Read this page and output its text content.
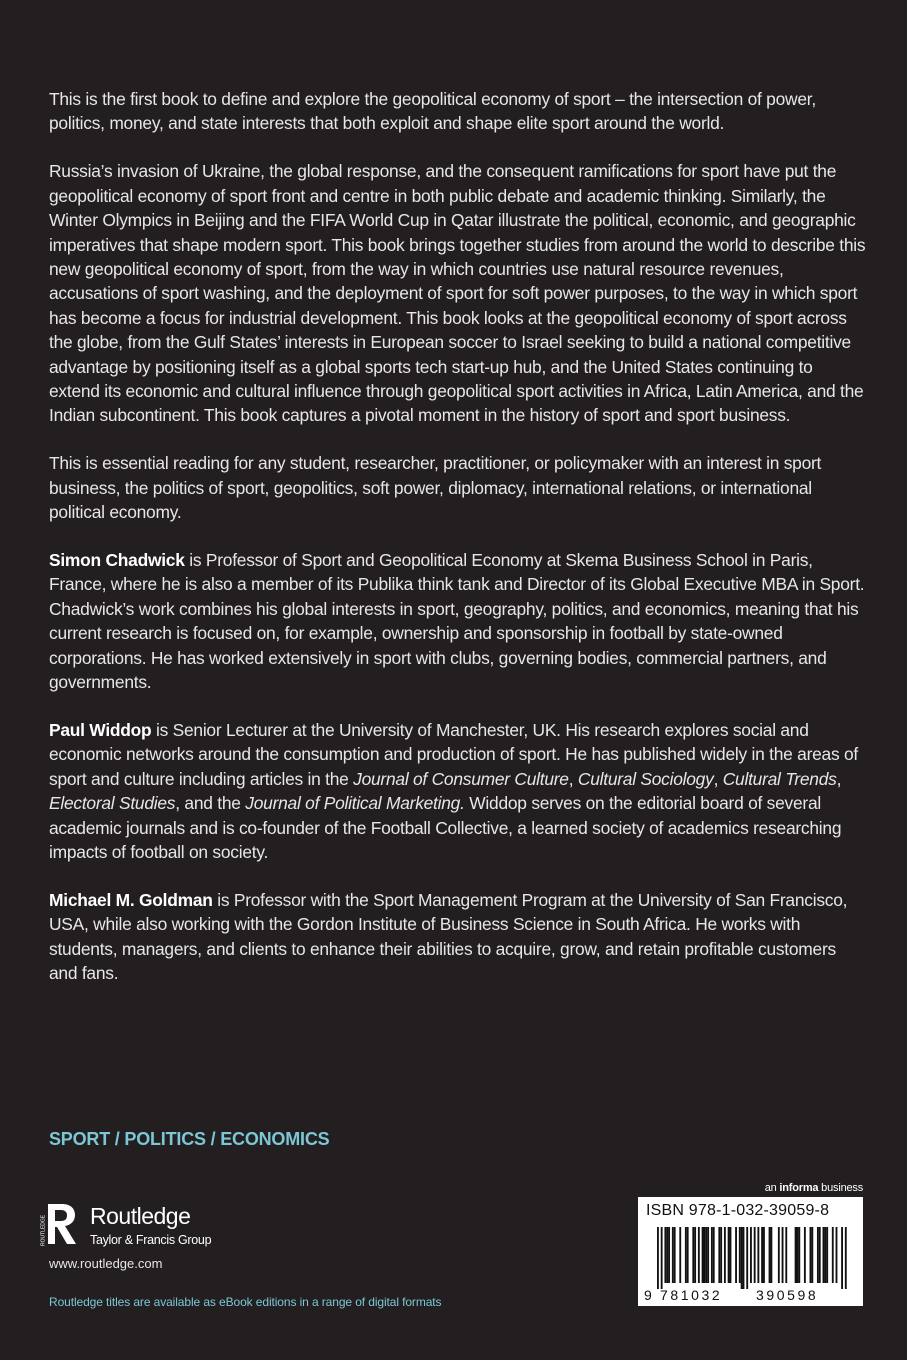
This is the first book to define and explore the geopolitical economy of sport – the intersection of power, politics, money, and state interests that both exploit and shape elite sport around the world.

Russia’s invasion of Ukraine, the global response, and the consequent ramifications for sport have put the geopolitical economy of sport front and centre in both public debate and academic thinking. Similarly, the Winter Olympics in Beijing and the FIFA World Cup in Qatar illustrate the political, economic, and geographic imperatives that shape modern sport. This book brings together studies from around the world to describe this new geopolitical economy of sport, from the way in which countries use natural resource revenues, accusations of sport washing, and the deployment of sport for soft power purposes, to the way in which sport has become a focus for industrial development. This book looks at the geopolitical economy of sport across the globe, from the Gulf States’ interests in European soccer to Israel seeking to build a national competitive advantage by positioning itself as a global sports tech start-up hub, and the United States continuing to extend its economic and cultural influence through geopolitical sport activities in Africa, Latin America, and the Indian subcontinent. This book captures a pivotal moment in the history of sport and sport business.

This is essential reading for any student, researcher, practitioner, or policymaker with an interest in sport business, the politics of sport, geopolitics, soft power, diplomacy, international relations, or international political economy.

Simon Chadwick is Professor of Sport and Geopolitical Economy at Skema Business School in Paris, France, where he is also a member of its Publika think tank and Director of its Global Executive MBA in Sport. Chadwick’s work combines his global interests in sport, geography, politics, and economics, meaning that his current research is focused on, for example, ownership and sponsorship in football by state-owned corporations. He has worked extensively in sport with clubs, governing bodies, commercial partners, and governments.

Paul Widdop is Senior Lecturer at the University of Manchester, UK. His research explores social and economic networks around the consumption and production of sport. He has published widely in the areas of sport and culture including articles in the Journal of Consumer Culture, Cultural Sociology, Cultural Trends, Electoral Studies, and the Journal of Political Marketing. Widdop serves on the editorial board of several academic journals and is co-founder of the Football Collective, a learned society of academics researching impacts of football on society.

Michael M. Goldman is Professor with the Sport Management Program at the University of San Francisco, USA, while also working with the Gordon Institute of Business Science in South Africa. He works with students, managers, and clients to enhance their abilities to acquire, grow, and retain profitable customers and fans.

SPORT / POLITICS / ECONOMICS
ROUTLEDGE Routledge
Taylor & Francis Group
www.routledge.com
Routledge titles are available as eBook editions in a range of digital formats
an informa business
ISBN 978-1-032-39059-8
9 781032 390598
